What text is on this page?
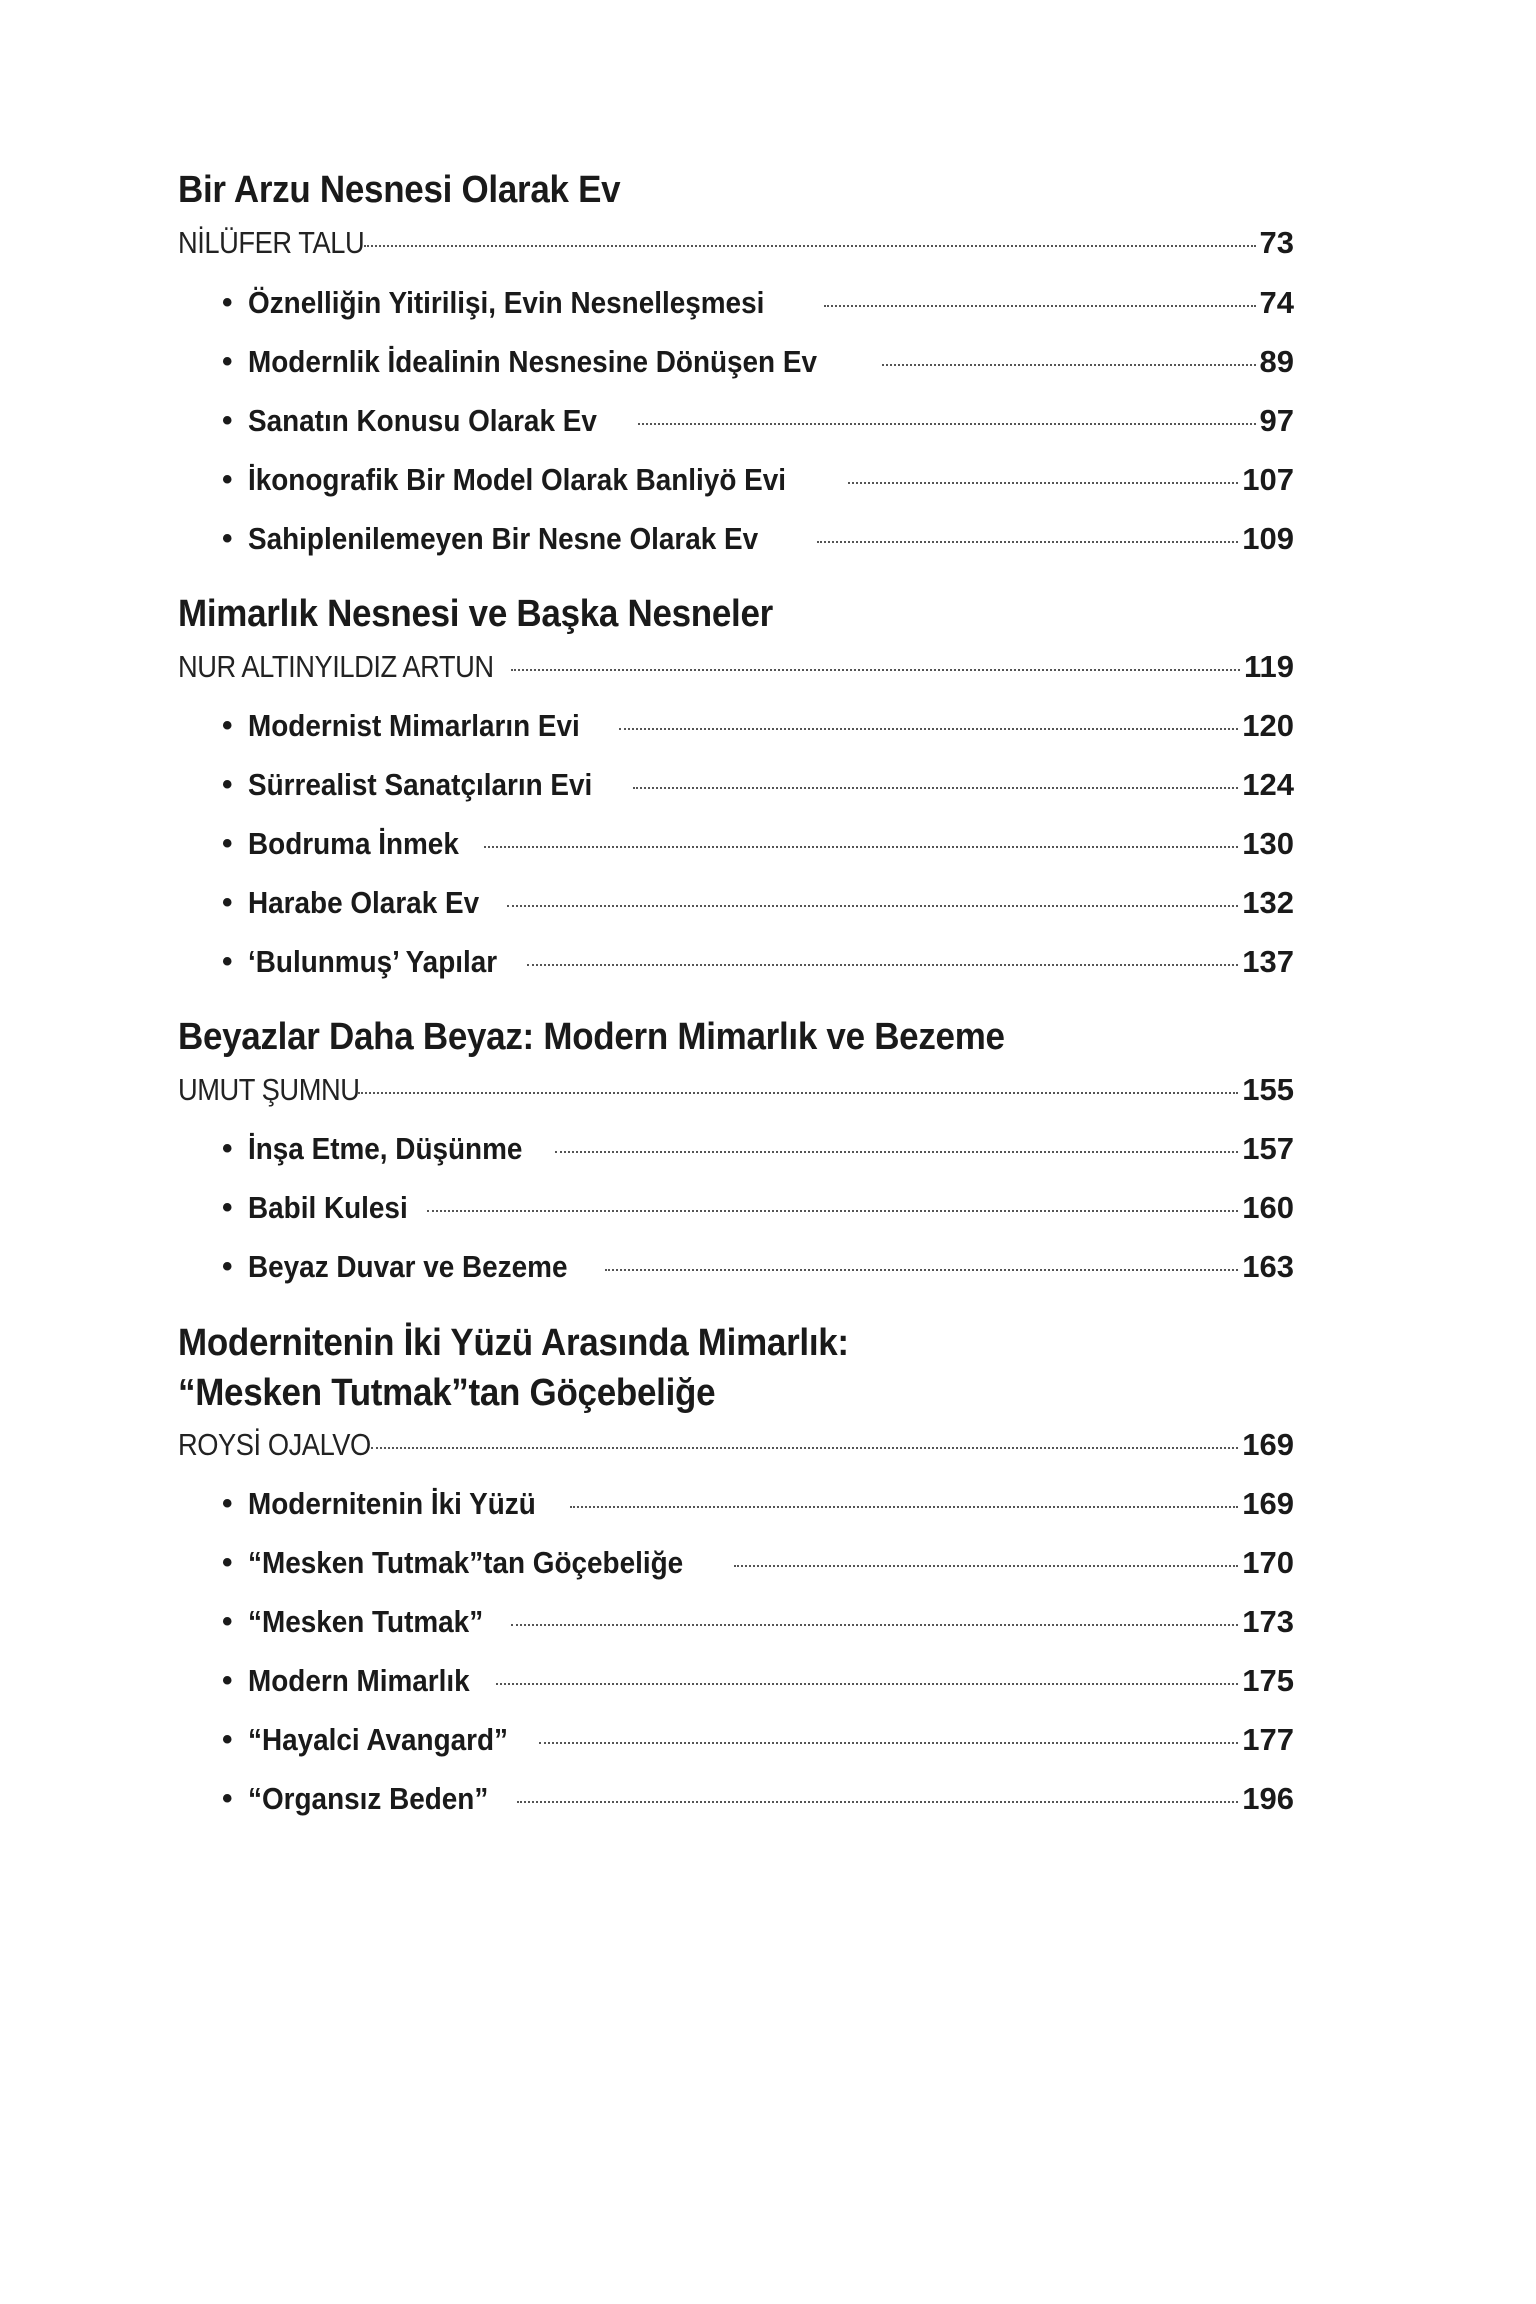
Bir Arzu Nesnesi Olarak Ev
NİLÜFER TALU	73
• Öznelliğin Yitirilişi, Evin Nesnelleşmesi	74
• Modernlik İdealinin Nesnesine Dönüşen Ev	89
• Sanatın Konusu Olarak Ev	97
• İkonografik Bir Model Olarak Banliyö Evi	107
• Sahiplenilemeyen Bir Nesne Olarak Ev	109
Mimarlık Nesnesi ve Başka Nesneler
NUR ALTINYILDIZ ARTUN	119
• Modernist Mimarların Evi	120
• Sürrealist Sanatçıların Evi	124
• Bodruma İnmek	130
• Harabe Olarak Ev	132
• ‘Bulunmuş’ Yapılar	137
Beyazlar Daha Beyaz: Modern Mimarlık ve Bezeme
UMUT ŞUMNU	155
• İnşa Etme, Düşünme	157
• Babil Kulesi	160
• Beyaz Duvar ve Bezeme	163
Modernitenin İki Yüzü Arasında Mimarlık:
“Mesken Tutmak”tan Göçebeliğe
ROYSİ OJALVO	169
• Modernitenin İki Yüzü	169
• “Mesken Tutmak”tan Göçebeliğe	170
• “Mesken Tutmak”	173
• Modern Mimarlık	175
• “Hayalci Avangard”	177
• “Organsız Beden”	196
